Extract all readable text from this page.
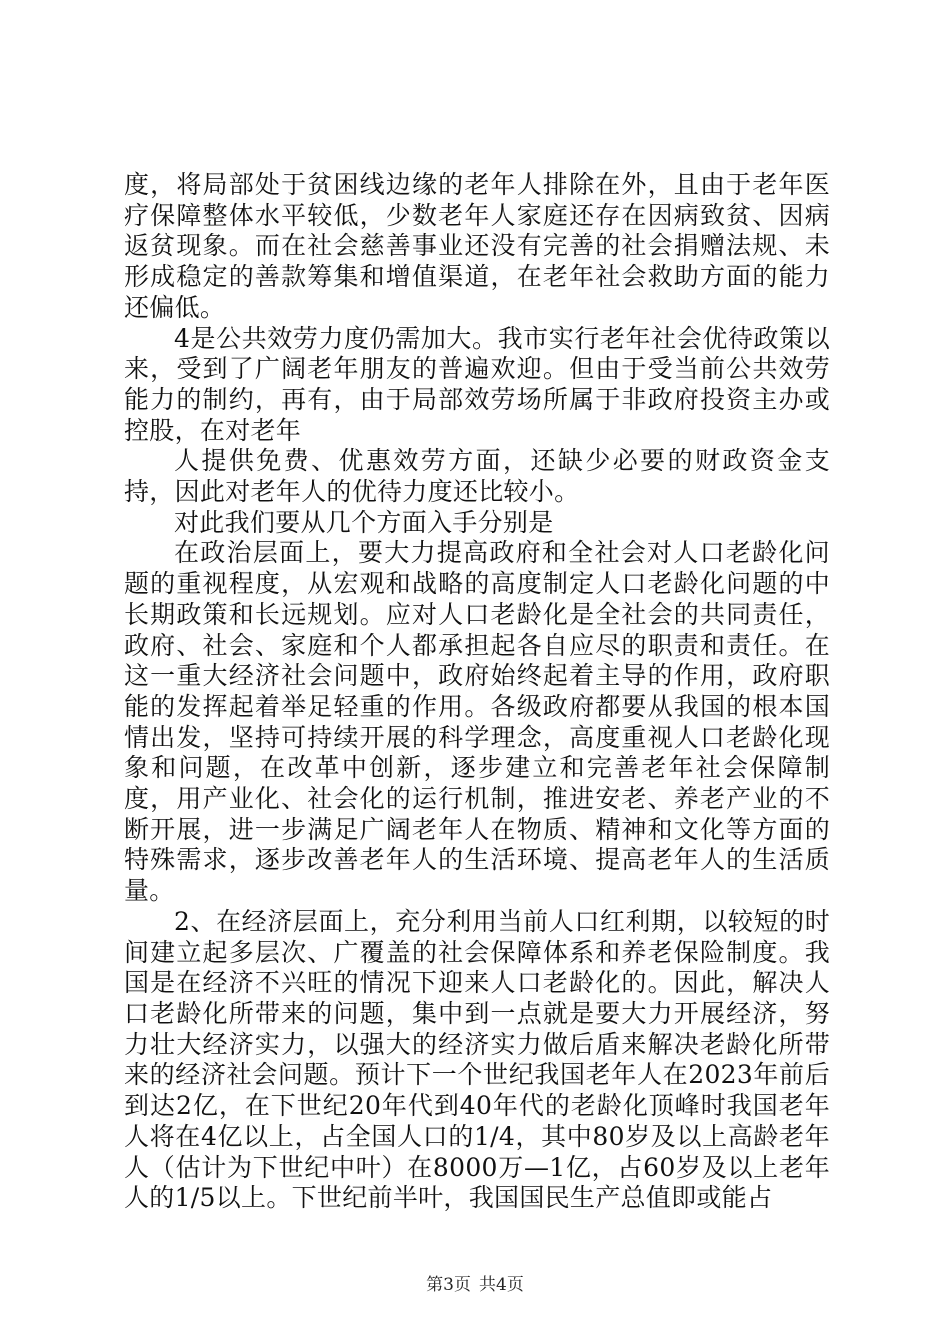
度，将局部处于贫困线边缘的老年人排除在外，且由于老年医疗保障整体水平较低，少数老年人家庭还存在因病致贫、因病返贫现象。而在社会慈善事业还没有完善的社会捐赠法规、未形成稳定的善款筹集和增值渠道，在老年社会救助方面的能力还偏低。

4是公共效劳力度仍需加大。我市实行老年社会优待政策以来，受到了广阔老年朋友的普遍欢迎。但由于受当前公共效劳能力的制约，再有，由于局部效劳场所属于非政府投资主办或控股，在对老年

人提供免费、优惠效劳方面，还缺少必要的财政资金支持，因此对老年人的优待力度还比较小。

对此我们要从几个方面入手分别是

在政治层面上，要大力提高政府和全社会对人口老龄化问题的重视程度，从宏观和战略的高度制定人口老龄化问题的中长期政策和长远规划。应对人口老龄化是全社会的共同责任，政府、社会、家庭和个人都承担起各自应尽的职责和责任。在这一重大经济社会问题中，政府始终起着主导的作用，政府职能的发挥起着举足轻重的作用。各级政府都要从我国的根本国情出发，坚持可持续开展的科学理念，高度重视人口老龄化现象和问题，在改革中创新，逐步建立和完善老年社会保障制度，用产业化、社会化的运行机制，推进安老、养老产业的不断开展，进一步满足广阔老年人在物质、精神和文化等方面的特殊需求，逐步改善老年人的生活环境、提高老年人的生活质量。

2、在经济层面上，充分利用当前人口红利期，以较短的时间建立起多层次、广覆盖的社会保障体系和养老保险制度。我国是在经济不兴旺的情况下迎来人口老龄化的。因此，解决人口老龄化所带来的问题，集中到一点就是要大力开展经济，努力壮大经济实力，以强大的经济实力做后盾来解决老龄化所带来的经济社会问题。预计下一个世纪我国老年人在2023年前后到达2亿，在下世纪20年代到40年代的老龄化顶峰时我国老年人将在4亿以上，占全国人口的1/4，其中80岁及以上高龄老年人（估计为下世纪中叶）在8000万—1亿，占60岁及以上老年人的1/5以上。下世纪前半叶，我国国民生产总值即或能占

第3页 共4页
